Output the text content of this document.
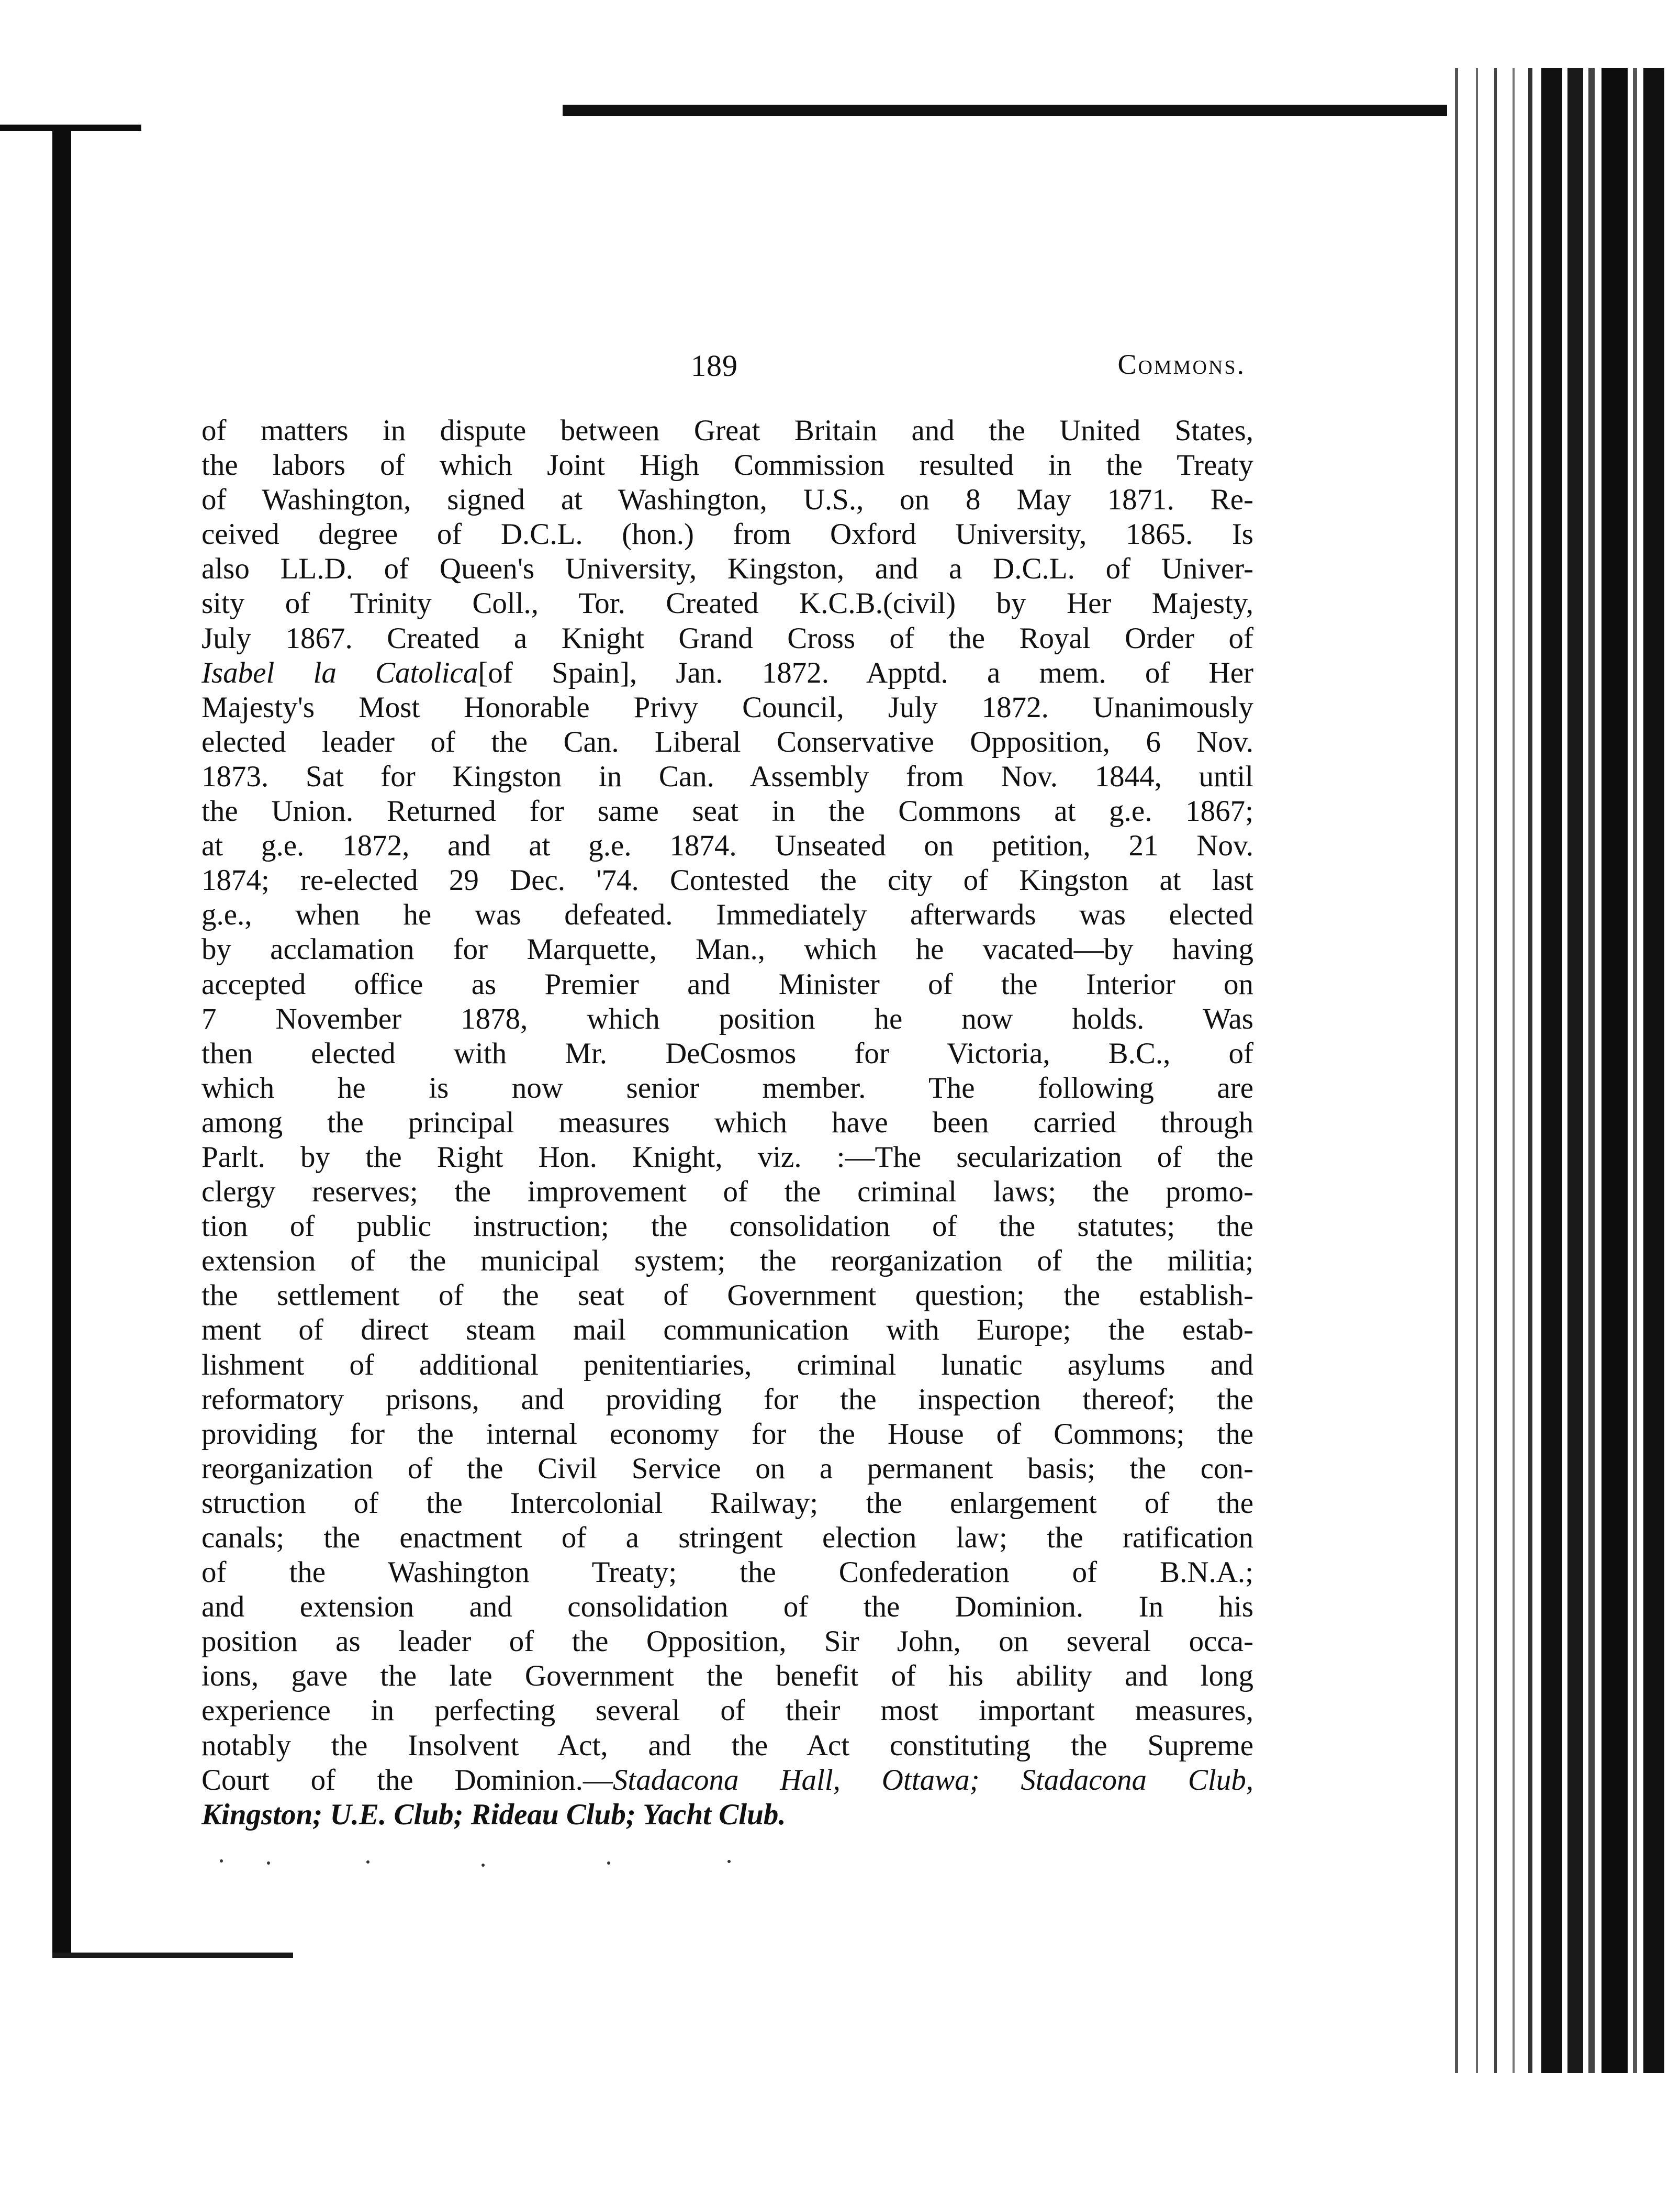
189	Commons.
of matters in dispute between Great Britain and the United States,
the labors of which Joint High Commission resulted in the Treaty
of Washington, signed at Washington, U.S., on 8 May 1871. Re-
ceived degree of D.C.L. (hon.) from Oxford University, 1865. Is
also LL.D. of Queen's University, Kingston, and a D.C.L. of Univer-
sity of Trinity Coll., Tor. Created K.C.B.(civil) by Her Majesty,
July 1867. Created a Knight Grand Cross of the Royal Order of
Isabel la Catolica[of Spain], Jan. 1872. Apptd. a mem. of Her
Majesty's Most Honorable Privy Council, July 1872. Unanimously
elected leader of the Can. Liberal Conservative Opposition, 6 Nov.
1873. Sat for Kingston in Can. Assembly from Nov. 1844, until
the Union. Returned for same seat in the Commons at g.e. 1867;
at g.e. 1872, and at g.e. 1874. Unseated on petition, 21 Nov.
1874; re-elected 29 Dec. '74. Contested the city of Kingston at last
g.e., when he was defeated. Immediately afterwards was elected
by acclamation for Marquette, Man., which he vacated—by having
accepted office as Premier and Minister of the Interior on
7 November 1878, which position he now holds. Was
then elected with Mr. DeCosmos for Victoria, B.C., of
which he is now senior member. The following are
among the principal measures which have been carried through
Parlt. by the Right Hon. Knight, viz. :—The secularization of the
clergy reserves; the improvement of the criminal laws; the promo-
tion of public instruction; the consolidation of the statutes; the
extension of the municipal system; the reorganization of the militia;
the settlement of the seat of Government question; the establish-
ment of direct steam mail communication with Europe; the estab-
lishment of additional penitentiaries, criminal lunatic asylums and
reformatory prisons, and providing for the inspection thereof; the
providing for the internal economy for the House of Commons; the
reorganization of the Civil Service on a permanent basis; the con-
struction of the Intercolonial Railway; the enlargement of the
canals; the enactment of a stringent election law; the ratification
of the Washington Treaty; the Confederation of B.N.A.;
and extension and consolidation of the Dominion. In his
position as leader of the Opposition, Sir John, on several occa-
ions, gave the late Government the benefit of his ability and long
experience in perfecting several of their most important measures,
notably the Insolvent Act, and the Act constituting the Supreme
Court of the Dominion.—Stadacona Hall, Ottawa; Stadacona Club,
Kingston; U.E. Club; Rideau Club; Yacht Club.
